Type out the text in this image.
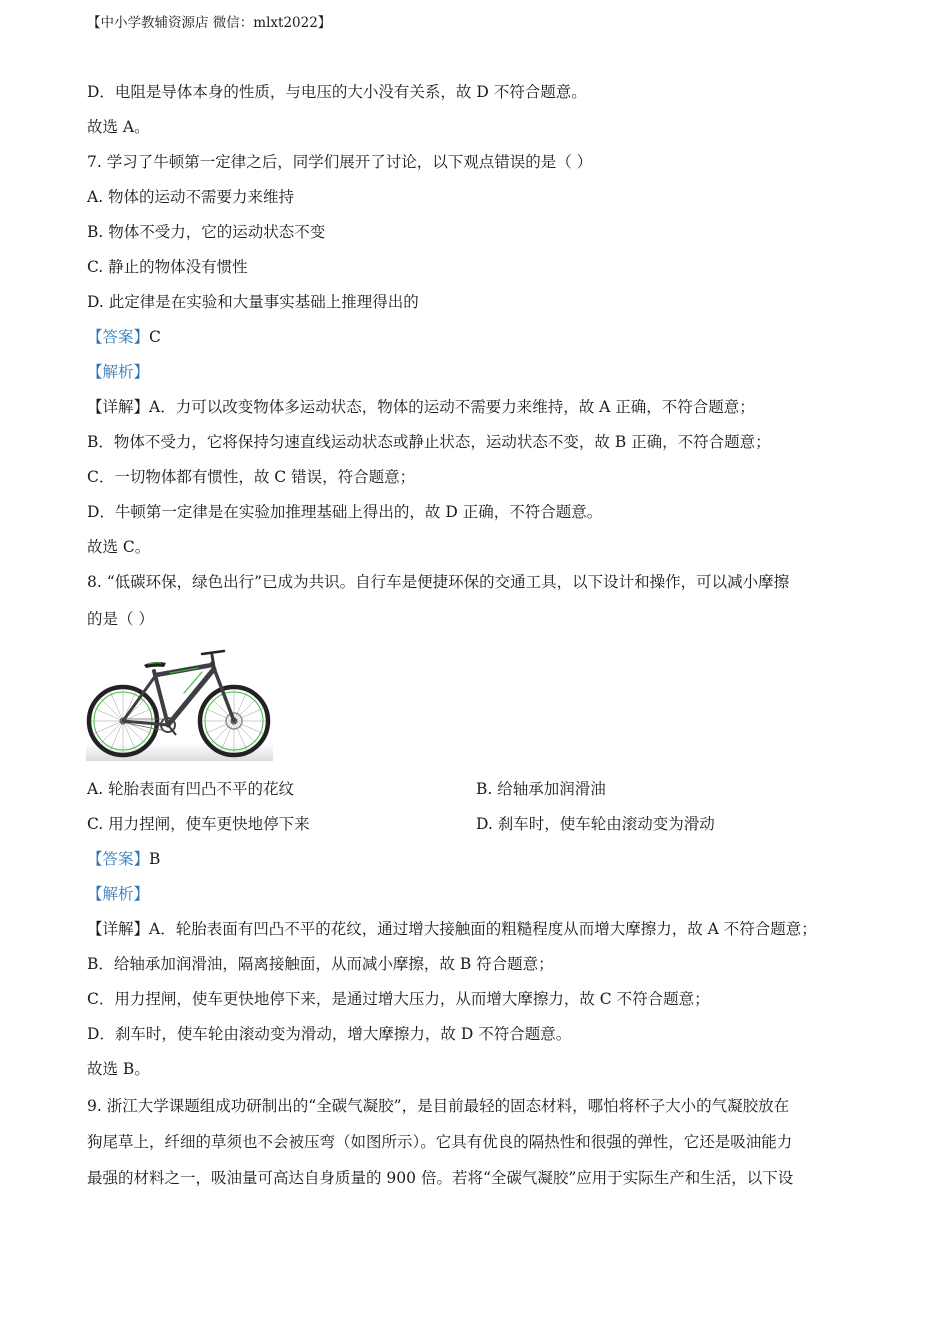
【中小学教辅资源店 微信：mlxt2022】
D．电阻是导体本身的性质，与电压的大小没有关系，故 D 不符合题意。
故选 A。
7. 学习了牛顿第一定律之后，同学们展开了讨论，以下观点错误的是（ ）
A. 物体的运动不需要力来维持
B. 物体不受力，它的运动状态不变
C. 静止的物体没有惯性
D. 此定律是在实验和大量事实基础上推理得出的
【答案】C
【解析】
【详解】A．力可以改变物体多运动状态，物体的运动不需要力来维持，故 A 正确，不符合题意；
B．物体不受力，它将保持匀速直线运动状态或静止状态，运动状态不变，故 B 正确，不符合题意；
C．一切物体都有惯性，故 C 错误，符合题意；
D．牛顿第一定律是在实验加推理基础上得出的，故 D 正确，不符合题意。
故选 C。
8. “低碳环保，绿色出行”已成为共识。自行车是便捷环保的交通工具，以下设计和操作，可以减小摩擦
的是（ ）
A. 轮胎表面有凹凸不平的花纹	B. 给轴承加润滑油
C. 用力捏闸，使车更快地停下来	D. 刹车时，使车轮由滚动变为滑动
【答案】B
【解析】
【详解】A．轮胎表面有凹凸不平的花纹，通过增大接触面的粗糙程度从而增大摩擦力，故 A 不符合题意；
B．给轴承加润滑油，隔离接触面，从而减小摩擦，故 B 符合题意；
C．用力捏闸，使车更快地停下来，是通过增大压力，从而增大摩擦力，故 C 不符合题意；
D．刹车时，使车轮由滚动变为滑动，增大摩擦力，故 D 不符合题意。
故选 B。
9. 浙江大学课题组成功研制出的“全碳气凝胶”，是目前最轻的固态材料，哪怕将杯子大小的气凝胶放在
狗尾草上，纤细的草须也不会被压弯（如图所示）。它具有优良的隔热性和很强的弹性，它还是吸油能力
最强的材料之一，吸油量可高达自身质量的 900 倍。若将“全碳气凝胶”应用于实际生产和生活，以下设
